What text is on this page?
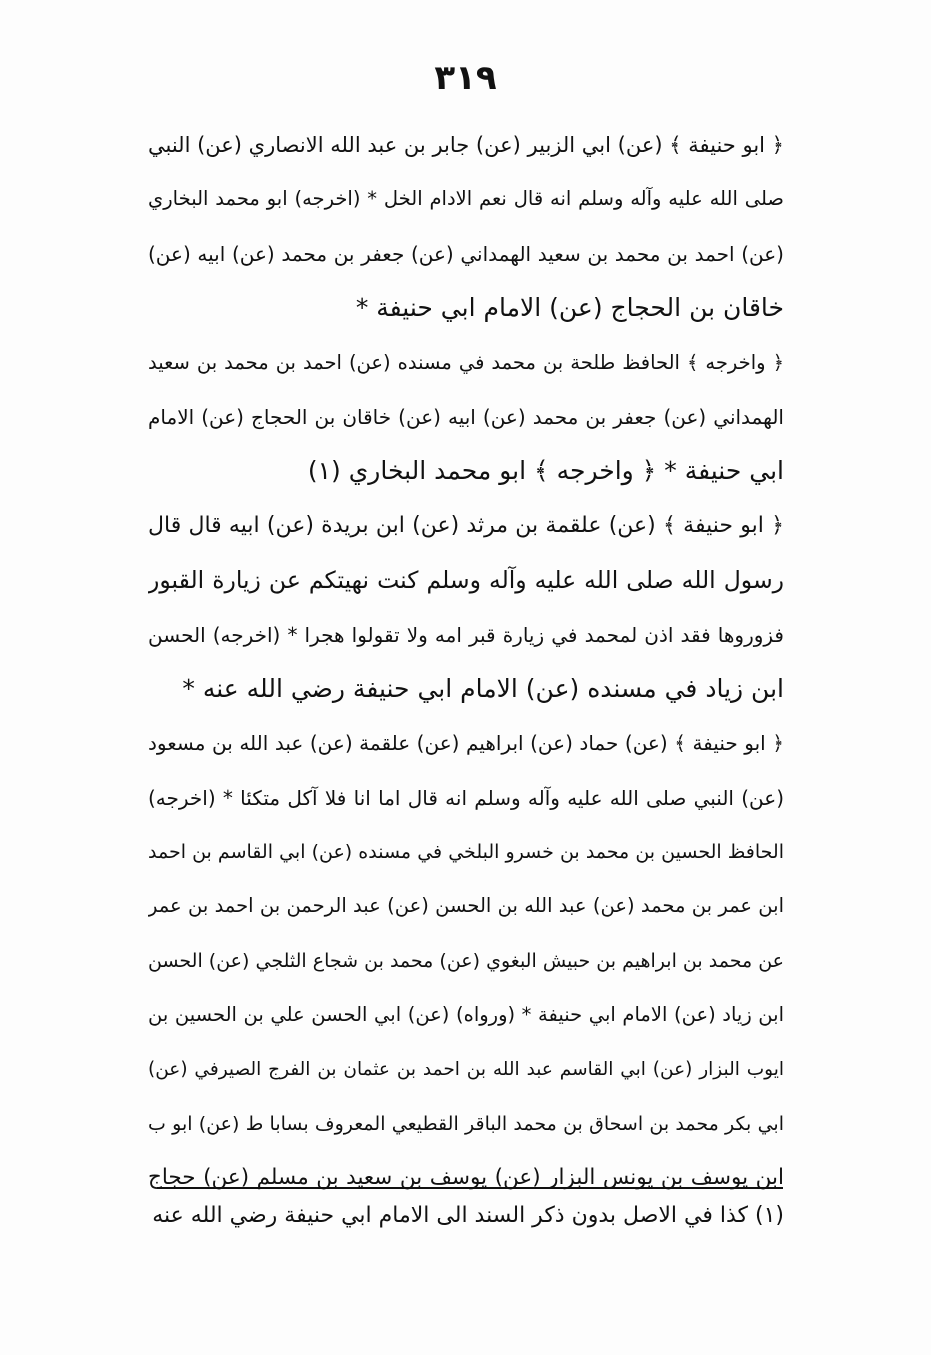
٣١٩
﴿ ابو حنيفة ﴾ (عن) ابي الزبير (عن) جابر بن عبد الله الانصاري (عن) النبي
صلى الله عليه وآله وسلم انه قال نعم الادام الخل * (اخرجه) ابو محمد البخاري
(عن) احمد بن محمد بن سعيد الهمداني (عن) جعفر بن محمد (عن) ابيه (عن)
خاقان بن الحجاج (عن) الامام ابي حنيفة *
﴿ واخرجه ﴾ الحافظ طلحة بن محمد في مسنده (عن) احمد بن محمد بن سعيد
الهمداني (عن) جعفر بن محمد (عن) ابيه (عن) خاقان بن الحجاج (عن) الامام
ابي حنيفة * ﴿ واخرجه ﴾ ابو محمد البخاري (١)
﴿ ابو حنيفة ﴾ (عن) علقمة بن مرثد (عن) ابن بريدة (عن) ابيه قال قال
رسول الله صلى الله عليه وآله وسلم كنت نهيتكم عن زيارة القبور
فزوروها فقد اذن لمحمد في زيارة قبر امه ولا تقولوا هجرا * (اخرجه) الحسن
ابن زياد في مسنده (عن) الامام ابي حنيفة رضي الله عنه *
﴿ ابو حنيفة ﴾ (عن) حماد (عن) ابراهيم (عن) علقمة (عن) عبد الله بن مسعود
(عن) النبي صلى الله عليه وآله وسلم انه قال اما انا فلا آكل متكئا * (اخرجه)
الحافظ الحسين بن محمد بن خسرو البلخي في مسنده (عن) ابي القاسم بن احمد
ابن عمر بن محمد (عن) عبد الله بن الحسن (عن) عبد الرحمن بن احمد بن عمر
عن محمد بن ابراهيم بن حبيش البغوي (عن) محمد بن شجاع الثلجي (عن) الحسن
ابن زياد (عن) الامام ابي حنيفة * (ورواه) (عن) ابي الحسن علي بن الحسين بن
ايوب البزار (عن) ابي القاسم عبد الله بن احمد بن عثمان بن الفرج الصيرفي (عن)
ابي بكر محمد بن اسحاق بن محمد الباقر القطيعي المعروف بسابا ط (عن) ابو ب
ابن يوسف بن يونس البزار (عن) يوسف بن سعيد بن مسلم (عن) حجاج
(١) كذا في الاصل بدون ذكر السند الى الامام ابي حنيفة رضي الله عنه
